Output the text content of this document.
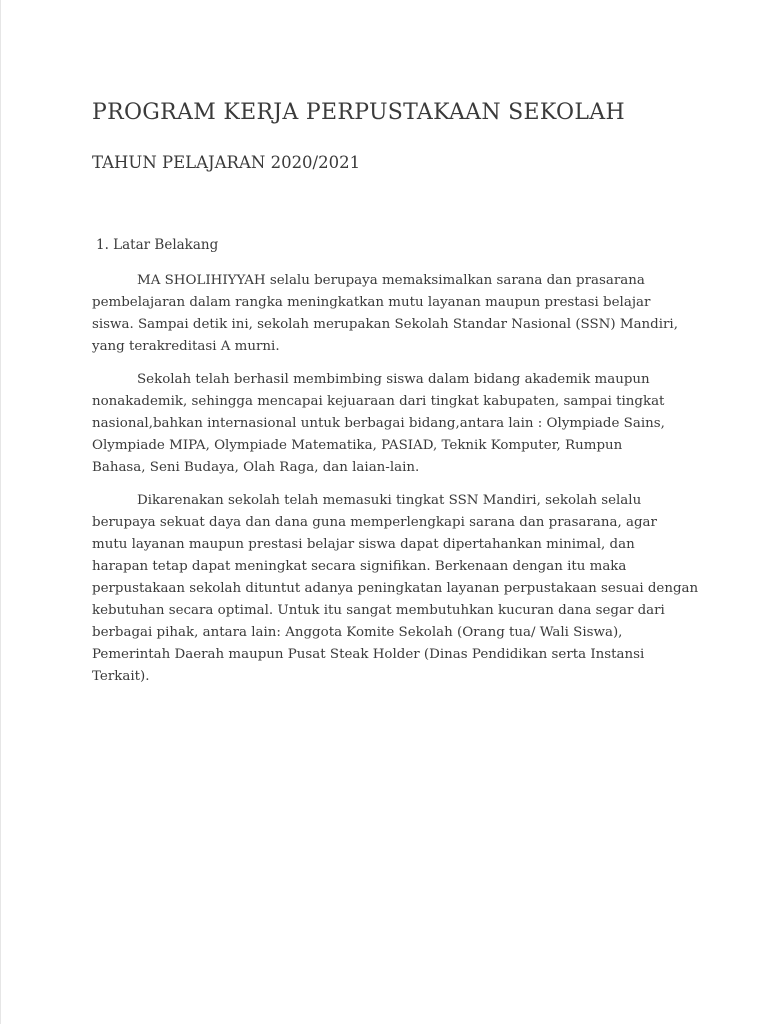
PROGRAM KERJA PERPUSTAKAAN SEKOLAH
TAHUN PELAJARAN 2020/2021
1. Latar Belakang

MA SHOLIHIYYAH selalu berupaya memaksimalkan sarana dan prasarana
pembelajaran dalam rangka meningkatkan mutu layanan maupun prestasi belajar
siswa. Sampai detik ini, sekolah merupakan Sekolah Standar Nasional (SSN) Mandiri,
yang terakreditasi A murni.

Sekolah telah berhasil membimbing siswa dalam bidang akademik maupun
nonakademik, sehingga mencapai kejuaraan dari tingkat kabupaten, sampai tingkat
nasional,bahkan internasional untuk berbagai bidang,antara lain : Olympiade Sains,
Olympiade MIPA, Olympiade Matematika, PASIAD, Teknik Komputer, Rumpun
Bahasa, Seni Budaya, Olah Raga, dan laian-lain.

Dikarenakan sekolah telah memasuki tingkat SSN Mandiri, sekolah selalu
berupaya sekuat daya dan dana guna memperlengkapi sarana dan prasarana, agar
mutu layanan maupun prestasi belajar siswa dapat dipertahankan minimal, dan
harapan tetap dapat meningkat secara signifikan. Berkenaan dengan itu maka
perpustakaan sekolah dituntut adanya peningkatan layanan perpustakaan sesuai dengan
kebutuhan secara optimal. Untuk itu sangat membutuhkan kucuran dana segar dari
berbagai pihak, antara lain: Anggota Komite Sekolah (Orang tua/ Wali Siswa),
Pemerintah Daerah maupun Pusat Steak Holder (Dinas Pendidikan serta Instansi
Terkait).
